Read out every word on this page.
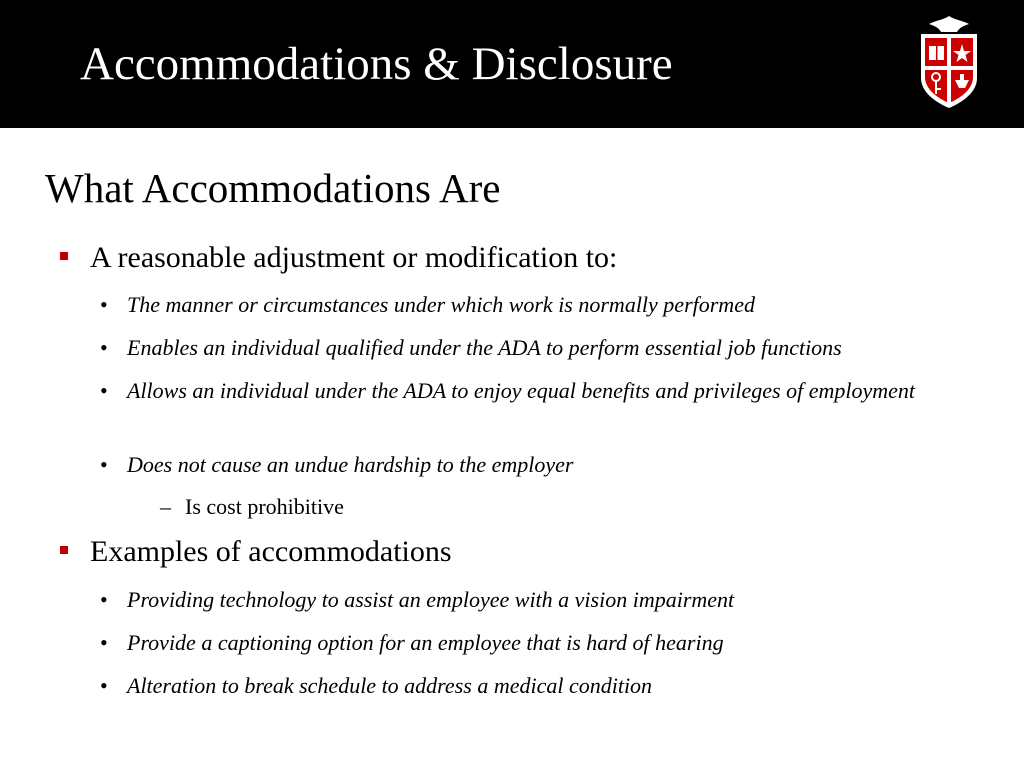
Accommodations & Disclosure
What Accommodations Are
A reasonable adjustment or modification to:
• The manner or circumstances under which work is normally performed
• Enables an individual qualified under the ADA to perform essential job functions
• Allows an individual under the ADA to enjoy equal benefits and privileges of employment
• Does not cause an undue hardship to the employer
– Is cost prohibitive
Examples of accommodations
• Providing technology to assist an employee with a vision impairment
• Provide a captioning option for an employee that is hard of hearing
• Alteration to break schedule to address a medical condition
